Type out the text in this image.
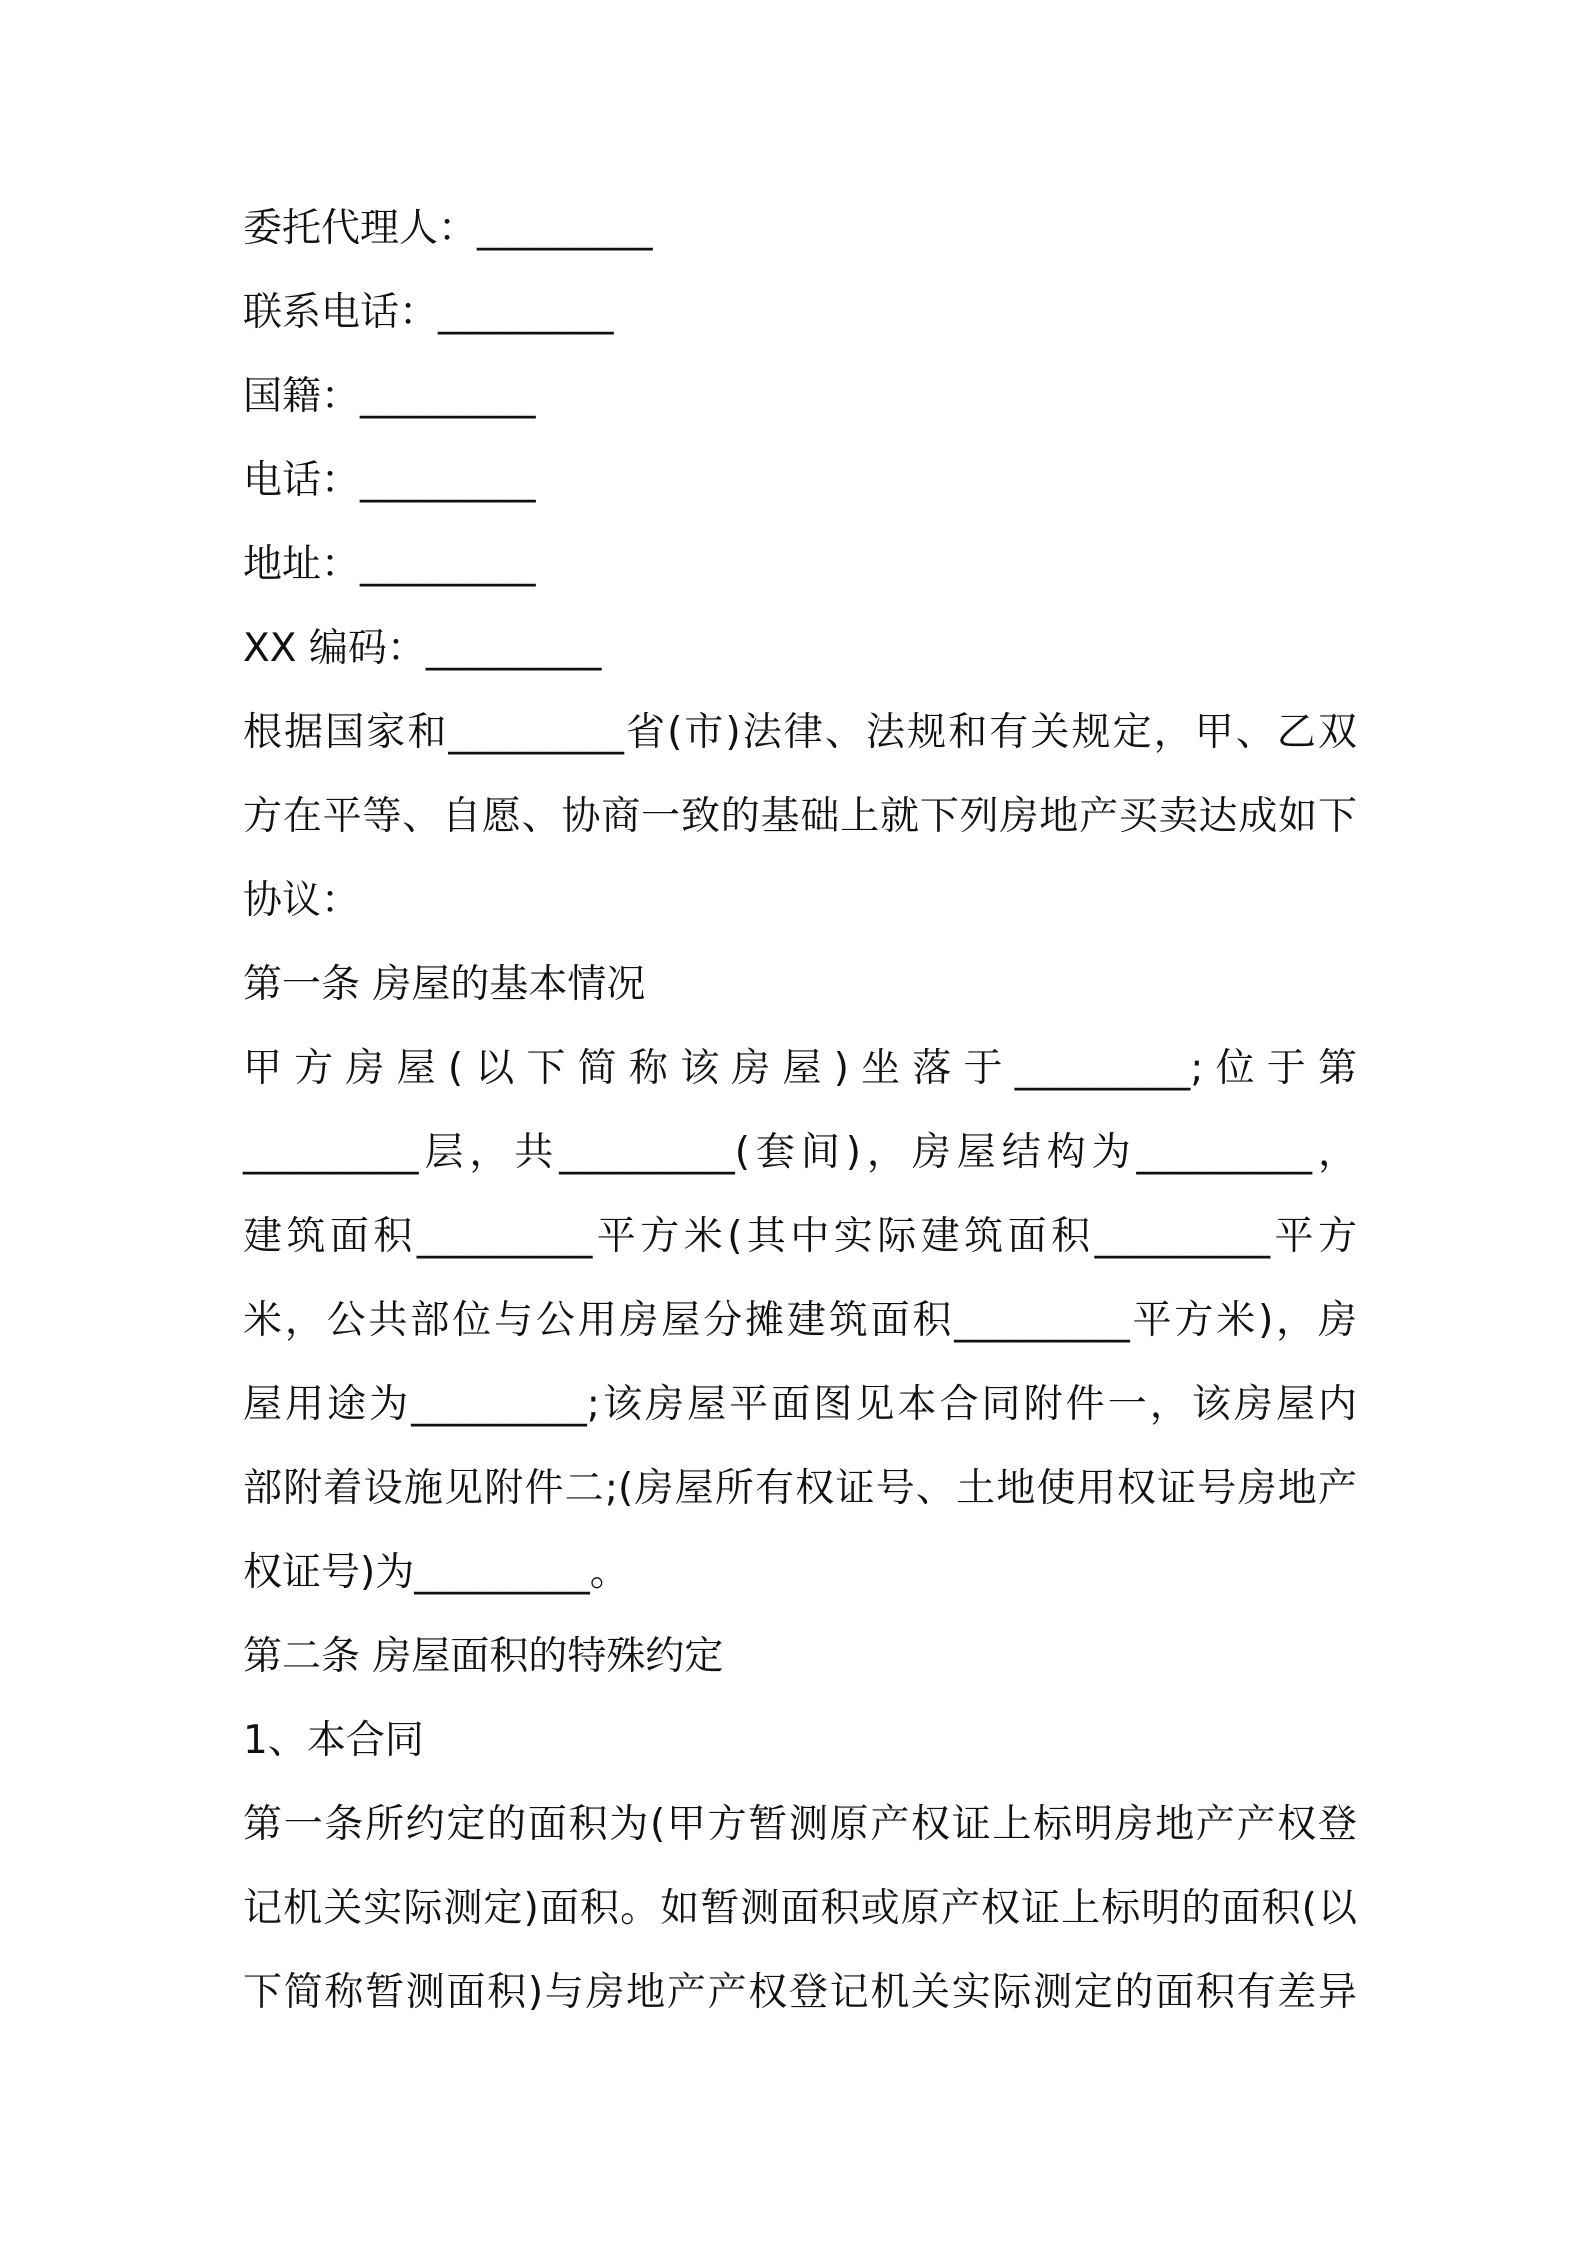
委托代理人：_________
联系电话：_________
国籍：_________
电话：_________
地址：_________
XX 编码：_________
根据国家和_________省(市)法律、法规和有关规定，甲、乙双
方在平等、自愿、协商一致的基础上就下列房地产买卖达成如下
协议：
第一条 房屋的基本情况
甲方房屋(以下简称该房屋)坐落于_________;位于第
_________层，共_________(套间)，房屋结构为_________，
建筑面积_________平方米(其中实际建筑面积_________平方
米，公共部位与公用房屋分摊建筑面积_________平方米)，房
屋用途为_________;该房屋平面图见本合同附件一，该房屋内
部附着设施见附件二;(房屋所有权证号、土地使用权证号房地产
权证号)为_________。
第二条 房屋面积的特殊约定
1、本合同
第一条所约定的面积为(甲方暂测原产权证上标明房地产产权登
记机关实际测定)面积。如暂测面积或原产权证上标明的面积(以
下简称暂测面积)与房地产产权登记机关实际测定的面积有差异
